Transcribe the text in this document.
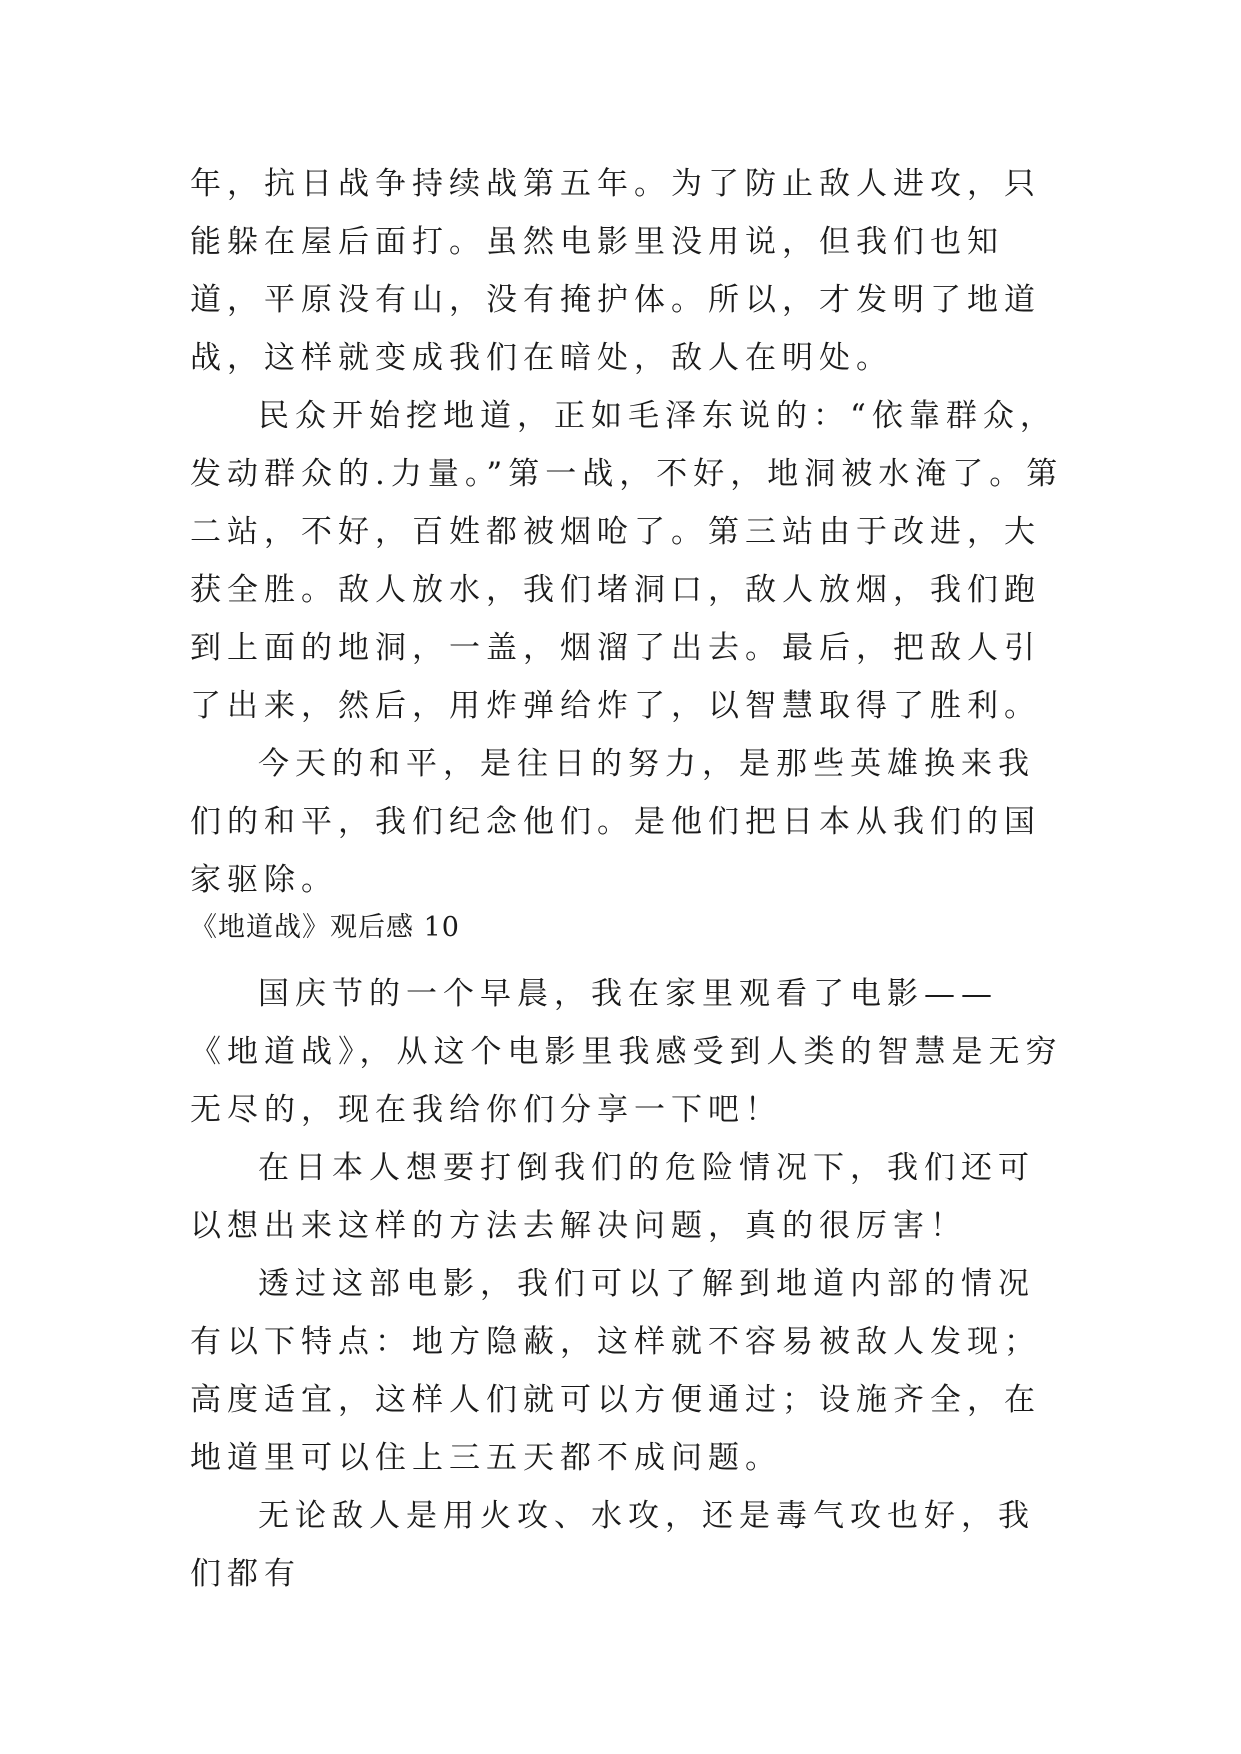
年，抗日战争持续战第五年。为了防止敌人进攻，只能躲在屋后面打。虽然电影里没用说，但我们也知道，平原没有山，没有掩护体。所以，才发明了地道战，这样就变成我们在暗处，敌人在明处。

民众开始挖地道，正如毛泽东说的：“依靠群众，发动群众的.力量。”第一战，不好，地洞被水淹了。第二站，不好，百姓都被烟呛了。第三站由于改进，大获全胜。敌人放水，我们堵洞口，敌人放烟，我们跑到上面的地洞，一盖，烟溜了出去。最后，把敌人引了出来，然后，用炸弹给炸了，以智慧取得了胜利。

今天的和平，是往日的努力，是那些英雄换来我们的和平，我们纪念他们。是他们把日本从我们的国家驱除。

《地道战》观后感 10

国庆节的一个早晨，我在家里观看了电影——《地道战》，从这个电影里我感受到人类的智慧是无穷无尽的，现在我给你们分享一下吧！

在日本人想要打倒我们的危险情况下，我们还可以想出来这样的方法去解决问题，真的很厉害！

透过这部电影，我们可以了解到地道内部的情况有以下特点：地方隐蔽，这样就不容易被敌人发现；高度适宜，这样人们就可以方便通过；设施齐全，在地道里可以住上三五天都不成问题。

无论敌人是用火攻、水攻，还是毒气攻也好，我们都有
